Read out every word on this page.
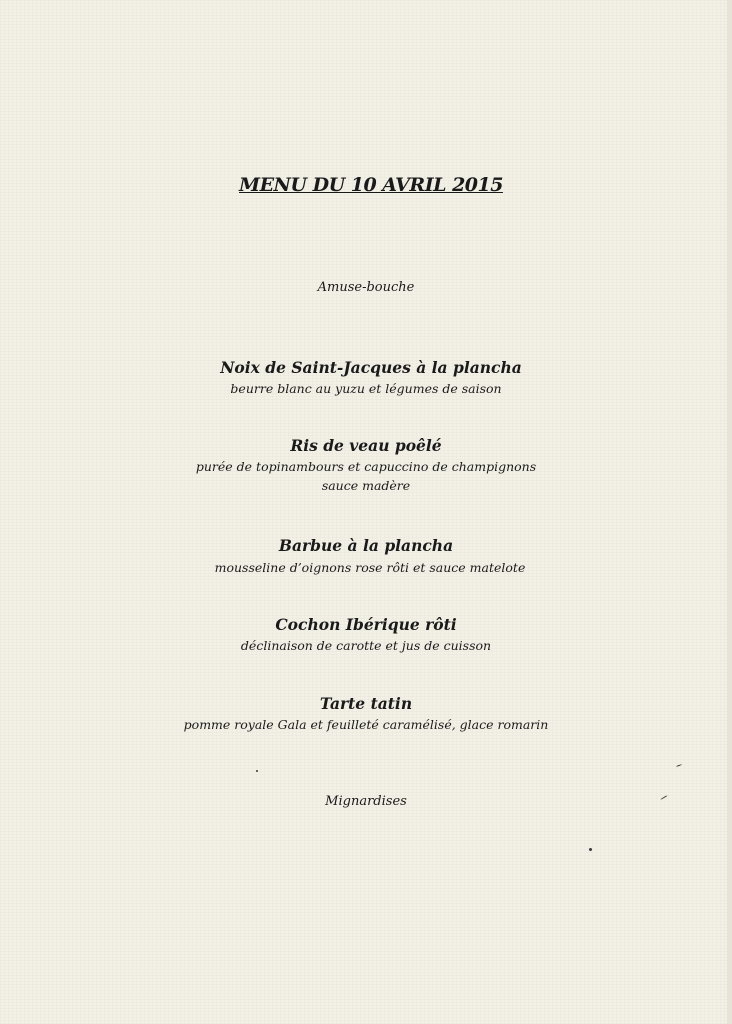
MENU DU 10 AVRIL 2015
Amuse-bouche
Noix de Saint-Jacques à la plancha
beurre blanc au yuzu et légumes de saison
Ris de veau poêlé
purée de topinambours et capuccino de champignons
sauce madère
Barbue à la plancha
mousseline d’oignons rose rôti et sauce matelote
Cochon Ibérique rôti
déclinaison de carotte et jus de cuisson
Tarte tatin
pomme royale Gala et feuilleté caramélisé, glace romarin
Mignardises
